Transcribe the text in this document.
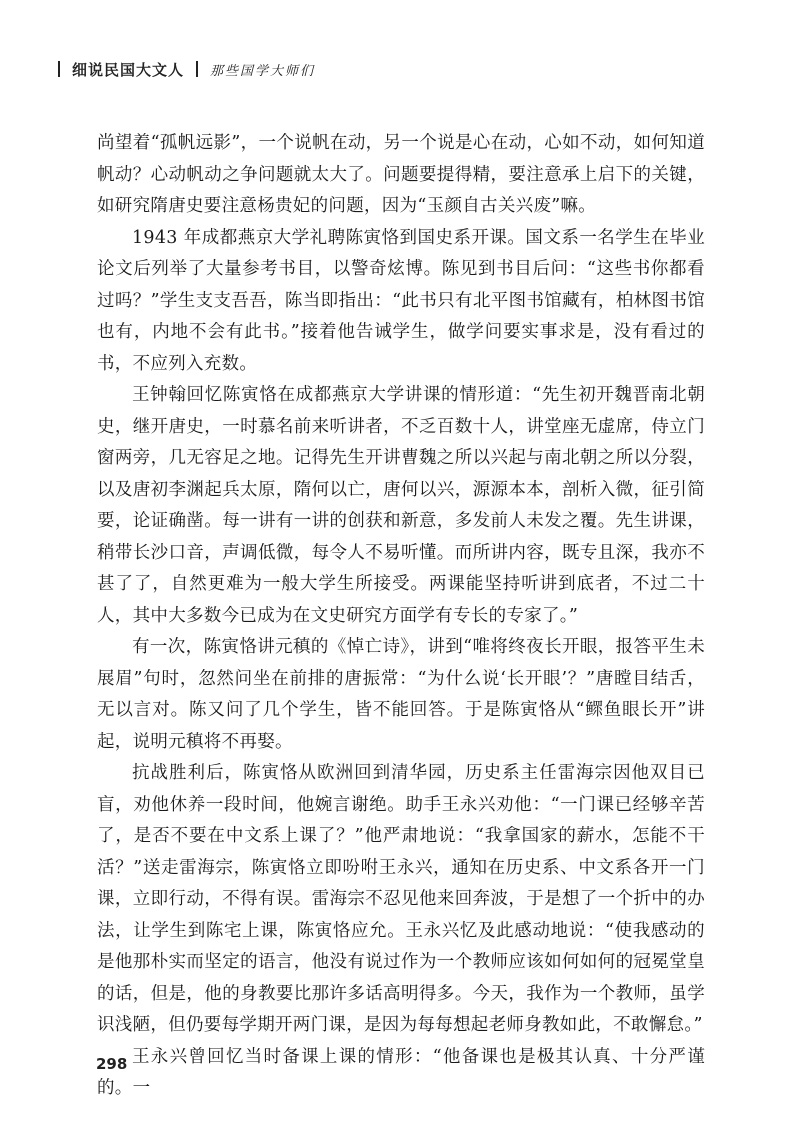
细说民国大文人 那些国学大师们

尚望着“孤帆远影”，一个说帆在动，另一个说是心在动，心如不动，如何知道帆动？心动帆动之争问题就太大了。问题要提得精，要注意承上启下的关键，如研究隋唐史要注意杨贵妃的问题，因为“玉颜自古关兴废”嘛。

1943 年成都燕京大学礼聘陈寅恪到国史系开课。国文系一名学生在毕业论文后列举了大量参考书目，以警奇炫博。陈见到书目后问：“这些书你都看过吗？”学生支支吾吾，陈当即指出：“此书只有北平图书馆藏有，柏林图书馆也有，内地不会有此书。”接着他告诫学生，做学问要实事求是，没有看过的书，不应列入充数。

王钟翰回忆陈寅恪在成都燕京大学讲课的情形道：“先生初开魏晋南北朝史，继开唐史，一时慕名前来听讲者，不乏百数十人，讲堂座无虚席，侍立门窗两旁，几无容足之地。记得先生开讲曹魏之所以兴起与南北朝之所以分裂，以及唐初李渊起兵太原，隋何以亡，唐何以兴，源源本本，剖析入微，征引简要，论证确凿。每一讲有一讲的创获和新意，多发前人未发之覆。先生讲课，稍带长沙口音，声调低微，每令人不易听懂。而所讲内容，既专且深，我亦不甚了了，自然更难为一般大学生所接受。两课能坚持听讲到底者，不过二十人，其中大多数今已成为在文史研究方面学有专长的专家了。”

有一次，陈寅恪讲元稹的《悼亡诗》，讲到“唯将终夜长开眼，报答平生未展眉”句时，忽然问坐在前排的唐振常：“为什么说‘长开眼’？”唐瞠目结舌，无以言对。陈又问了几个学生，皆不能回答。于是陈寅恪从“鳏鱼眼长开”讲起，说明元稹将不再娶。

抗战胜利后，陈寅恪从欧洲回到清华园，历史系主任雷海宗因他双目已盲，劝他休养一段时间，他婉言谢绝。助手王永兴劝他：“一门课已经够辛苦了，是否不要在中文系上课了？”他严肃地说：“我拿国家的薪水，怎能不干活？”送走雷海宗，陈寅恪立即吩咐王永兴，通知在历史系、中文系各开一门课，立即行动，不得有误。雷海宗不忍见他来回奔波，于是想了一个折中的办法，让学生到陈宅上课，陈寅恪应允。王永兴忆及此感动地说：“使我感动的是他那朴实而坚定的语言，他没有说过作为一个教师应该如何如何的冠冕堂皇的话，但是，他的身教要比那许多话高明得多。今天，我作为一个教师，虽学识浅陋，但仍要每学期开两门课，是因为每每想起老师身教如此，不敢懈怠。”

王永兴曾回忆当时备课上课的情形：“他备课也是极其认真、十分严谨的。一

298
